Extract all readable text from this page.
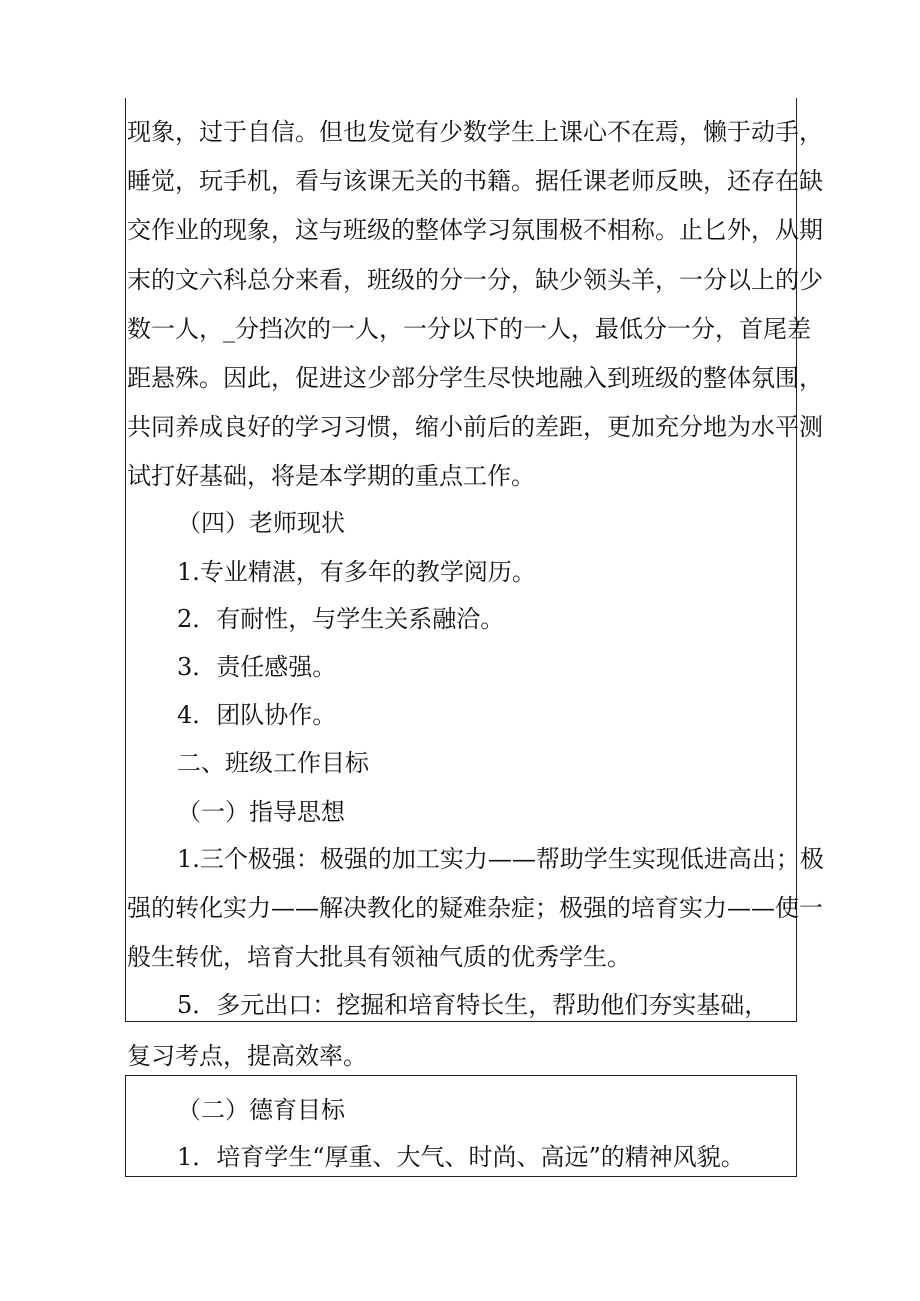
现象，过于自信。但也发觉有少数学生上课心不在焉，懒于动手，
睡觉，玩手机，看与该课无关的书籍。据任课老师反映，还存在缺
交作业的现象，这与班级的整体学习氛围极不相称。止匕外，从期
末的文六科总分来看，班级的分一分，缺少领头羊，一分以上的少
数一人，_分挡次的一人，一分以下的一人，最低分一分，首尾差
距悬殊。因此，促进这少部分学生尽快地融入到班级的整体氛围，
共同养成良好的学习习惯，缩小前后的差距，更加充分地为水平测
试打好基础，将是本学期的重点工作。
（四）老师现状
1.专业精湛，有多年的教学阅历。
2．有耐性，与学生关系融洽。
3．责任感强。
4．团队协作。
二、班级工作目标
（一）指导思想
1.三个极强：极强的加工实力——帮助学生实现低进高出；极
强的转化实力——解决教化的疑难杂症；极强的培育实力——使一
般生转优，培育大批具有领袖气质的优秀学生。
5．多元出口：挖掘和培育特长生，帮助他们夯实基础，
复习考点，提高效率。
（二）德育目标
1．培育学生“厚重、大气、时尚、高远”的精神风貌。
